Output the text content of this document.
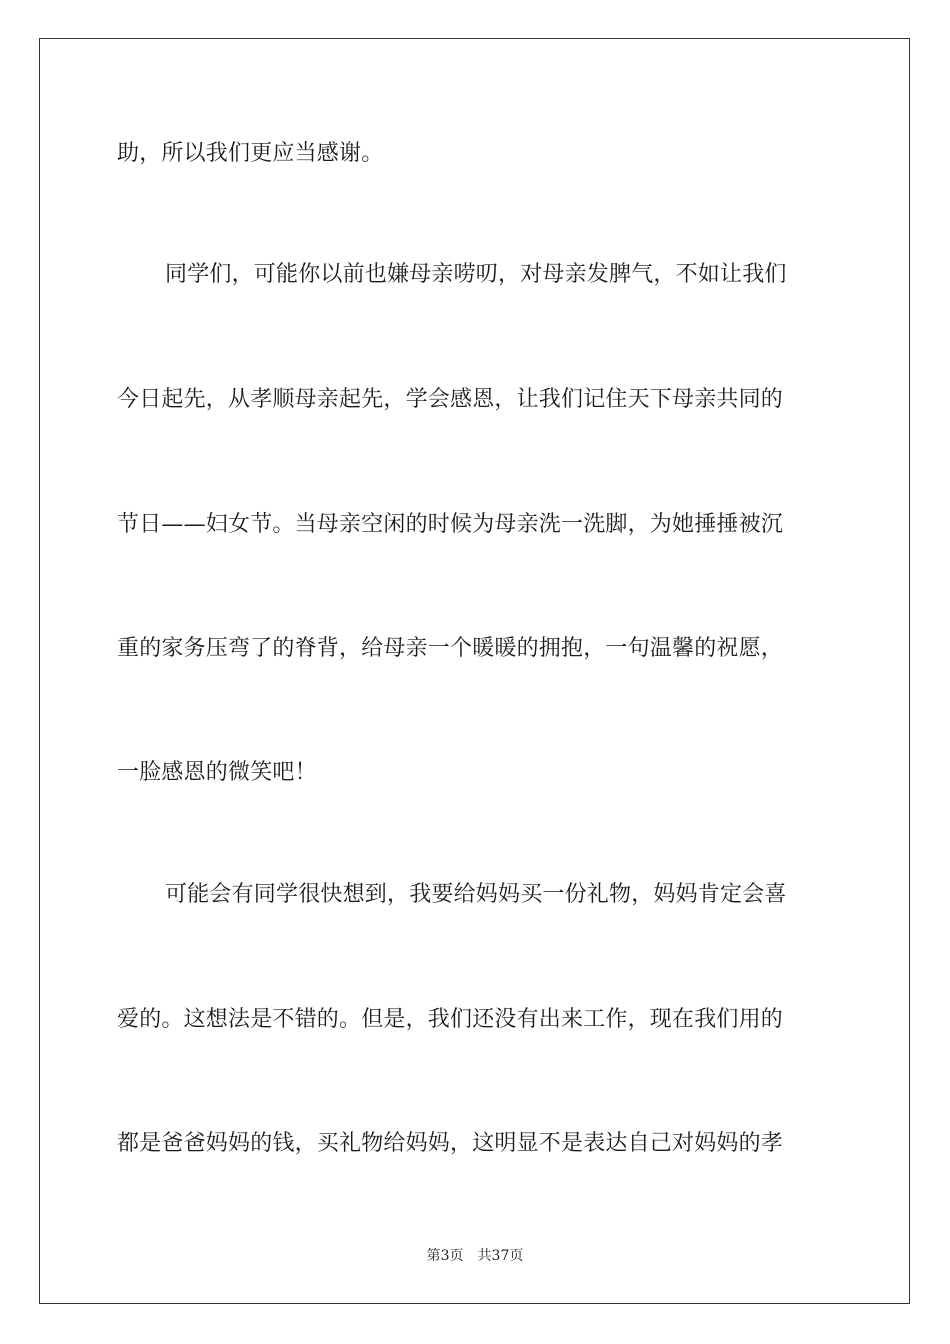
助，所以我们更应当感谢。
同学们，可能你以前也嫌母亲唠叨，对母亲发脾气，不如让我们
今日起先，从孝顺母亲起先，学会感恩，让我们记住天下母亲共同的
节日——妇女节。当母亲空闲的时候为母亲洗一洗脚，为她捶捶被沉
重的家务压弯了的脊背，给母亲一个暖暖的拥抱，一句温馨的祝愿，
一脸感恩的微笑吧！
可能会有同学很快想到，我要给妈妈买一份礼物，妈妈肯定会喜
爱的。这想法是不错的。但是，我们还没有出来工作，现在我们用的
都是爸爸妈妈的钱，买礼物给妈妈，这明显不是表达自己对妈妈的孝
第3页 共37页
